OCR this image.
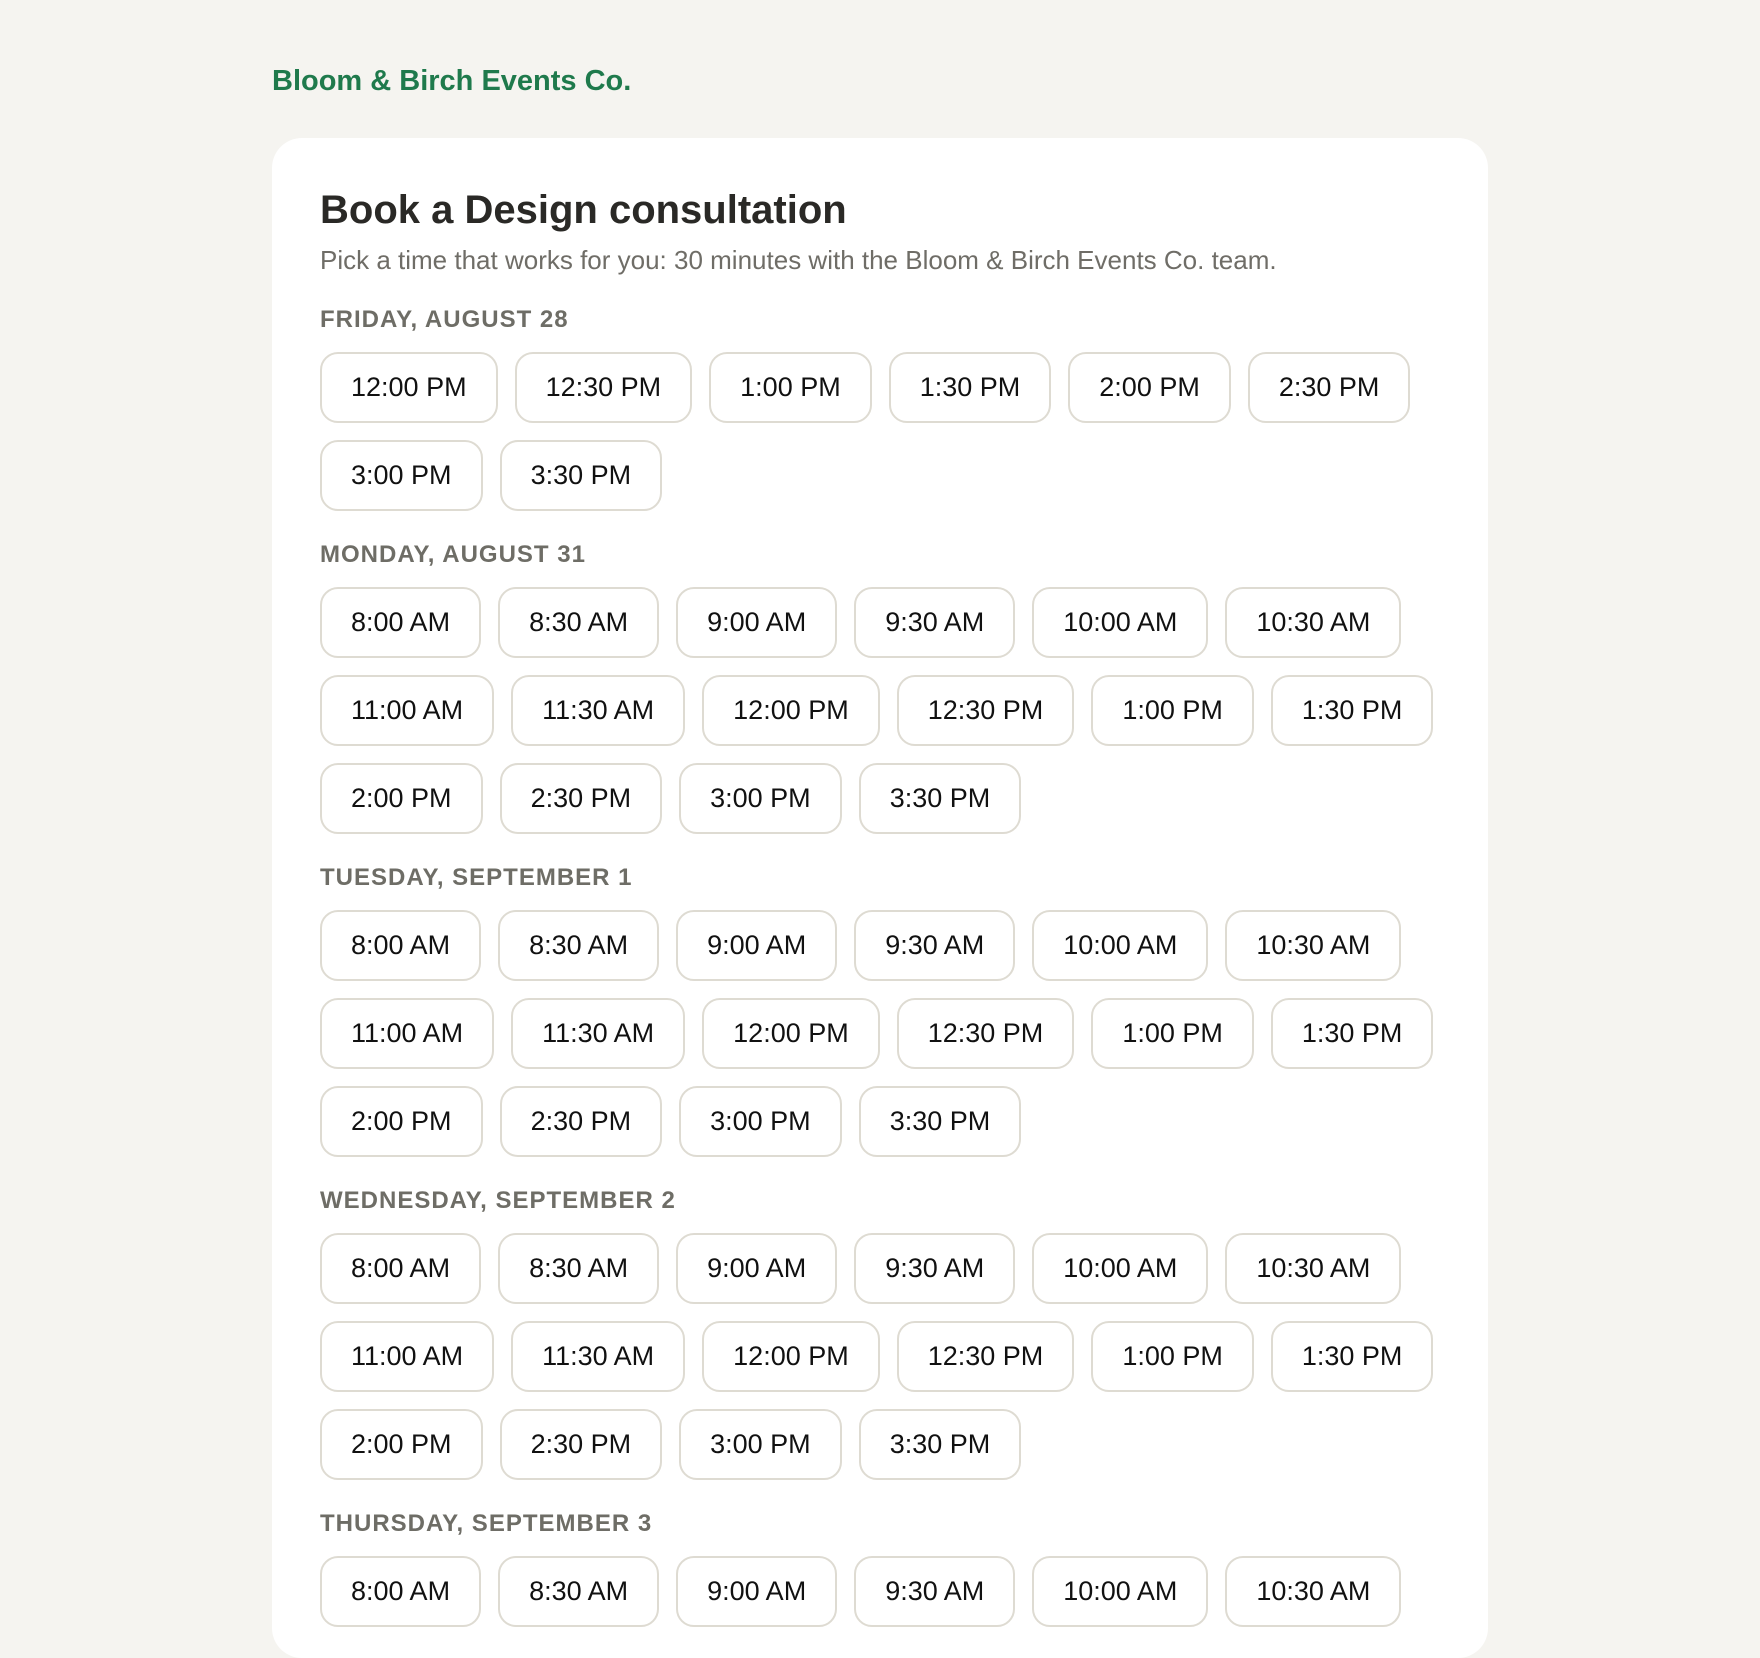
Bloom & Birch Events Co.
Book a Design consultation

Pick a time that works for you: 30 minutes with the Bloom & Birch Events Co. team.

FRIDAY, AUGUST 28
12:00 PM	12:30 PM	1:00 PM	1:30 PM	2:00 PM	2:30 PM
3:00 PM	3:30 PM
MONDAY, AUGUST 31
8:00 AM	8:30 AM	9:00 AM	9:30 AM	10:00 AM	10:30 AM
11:00 AM	11:30 AM	12:00 PM	12:30 PM	1:00 PM	1:30 PM
2:00 PM	2:30 PM	3:00 PM	3:30 PM
TUESDAY, SEPTEMBER 1
8:00 AM	8:30 AM	9:00 AM	9:30 AM	10:00 AM	10:30 AM
11:00 AM	11:30 AM	12:00 PM	12:30 PM	1:00 PM	1:30 PM
2:00 PM	2:30 PM	3:00 PM	3:30 PM
WEDNESDAY, SEPTEMBER 2
8:00 AM	8:30 AM	9:00 AM	9:30 AM	10:00 AM	10:30 AM
11:00 AM	11:30 AM	12:00 PM	12:30 PM	1:00 PM	1:30 PM
2:00 PM	2:30 PM	3:00 PM	3:30 PM
THURSDAY, SEPTEMBER 3
8:00 AM	8:30 AM	9:00 AM	9:30 AM	10:00 AM	10:30 AM
